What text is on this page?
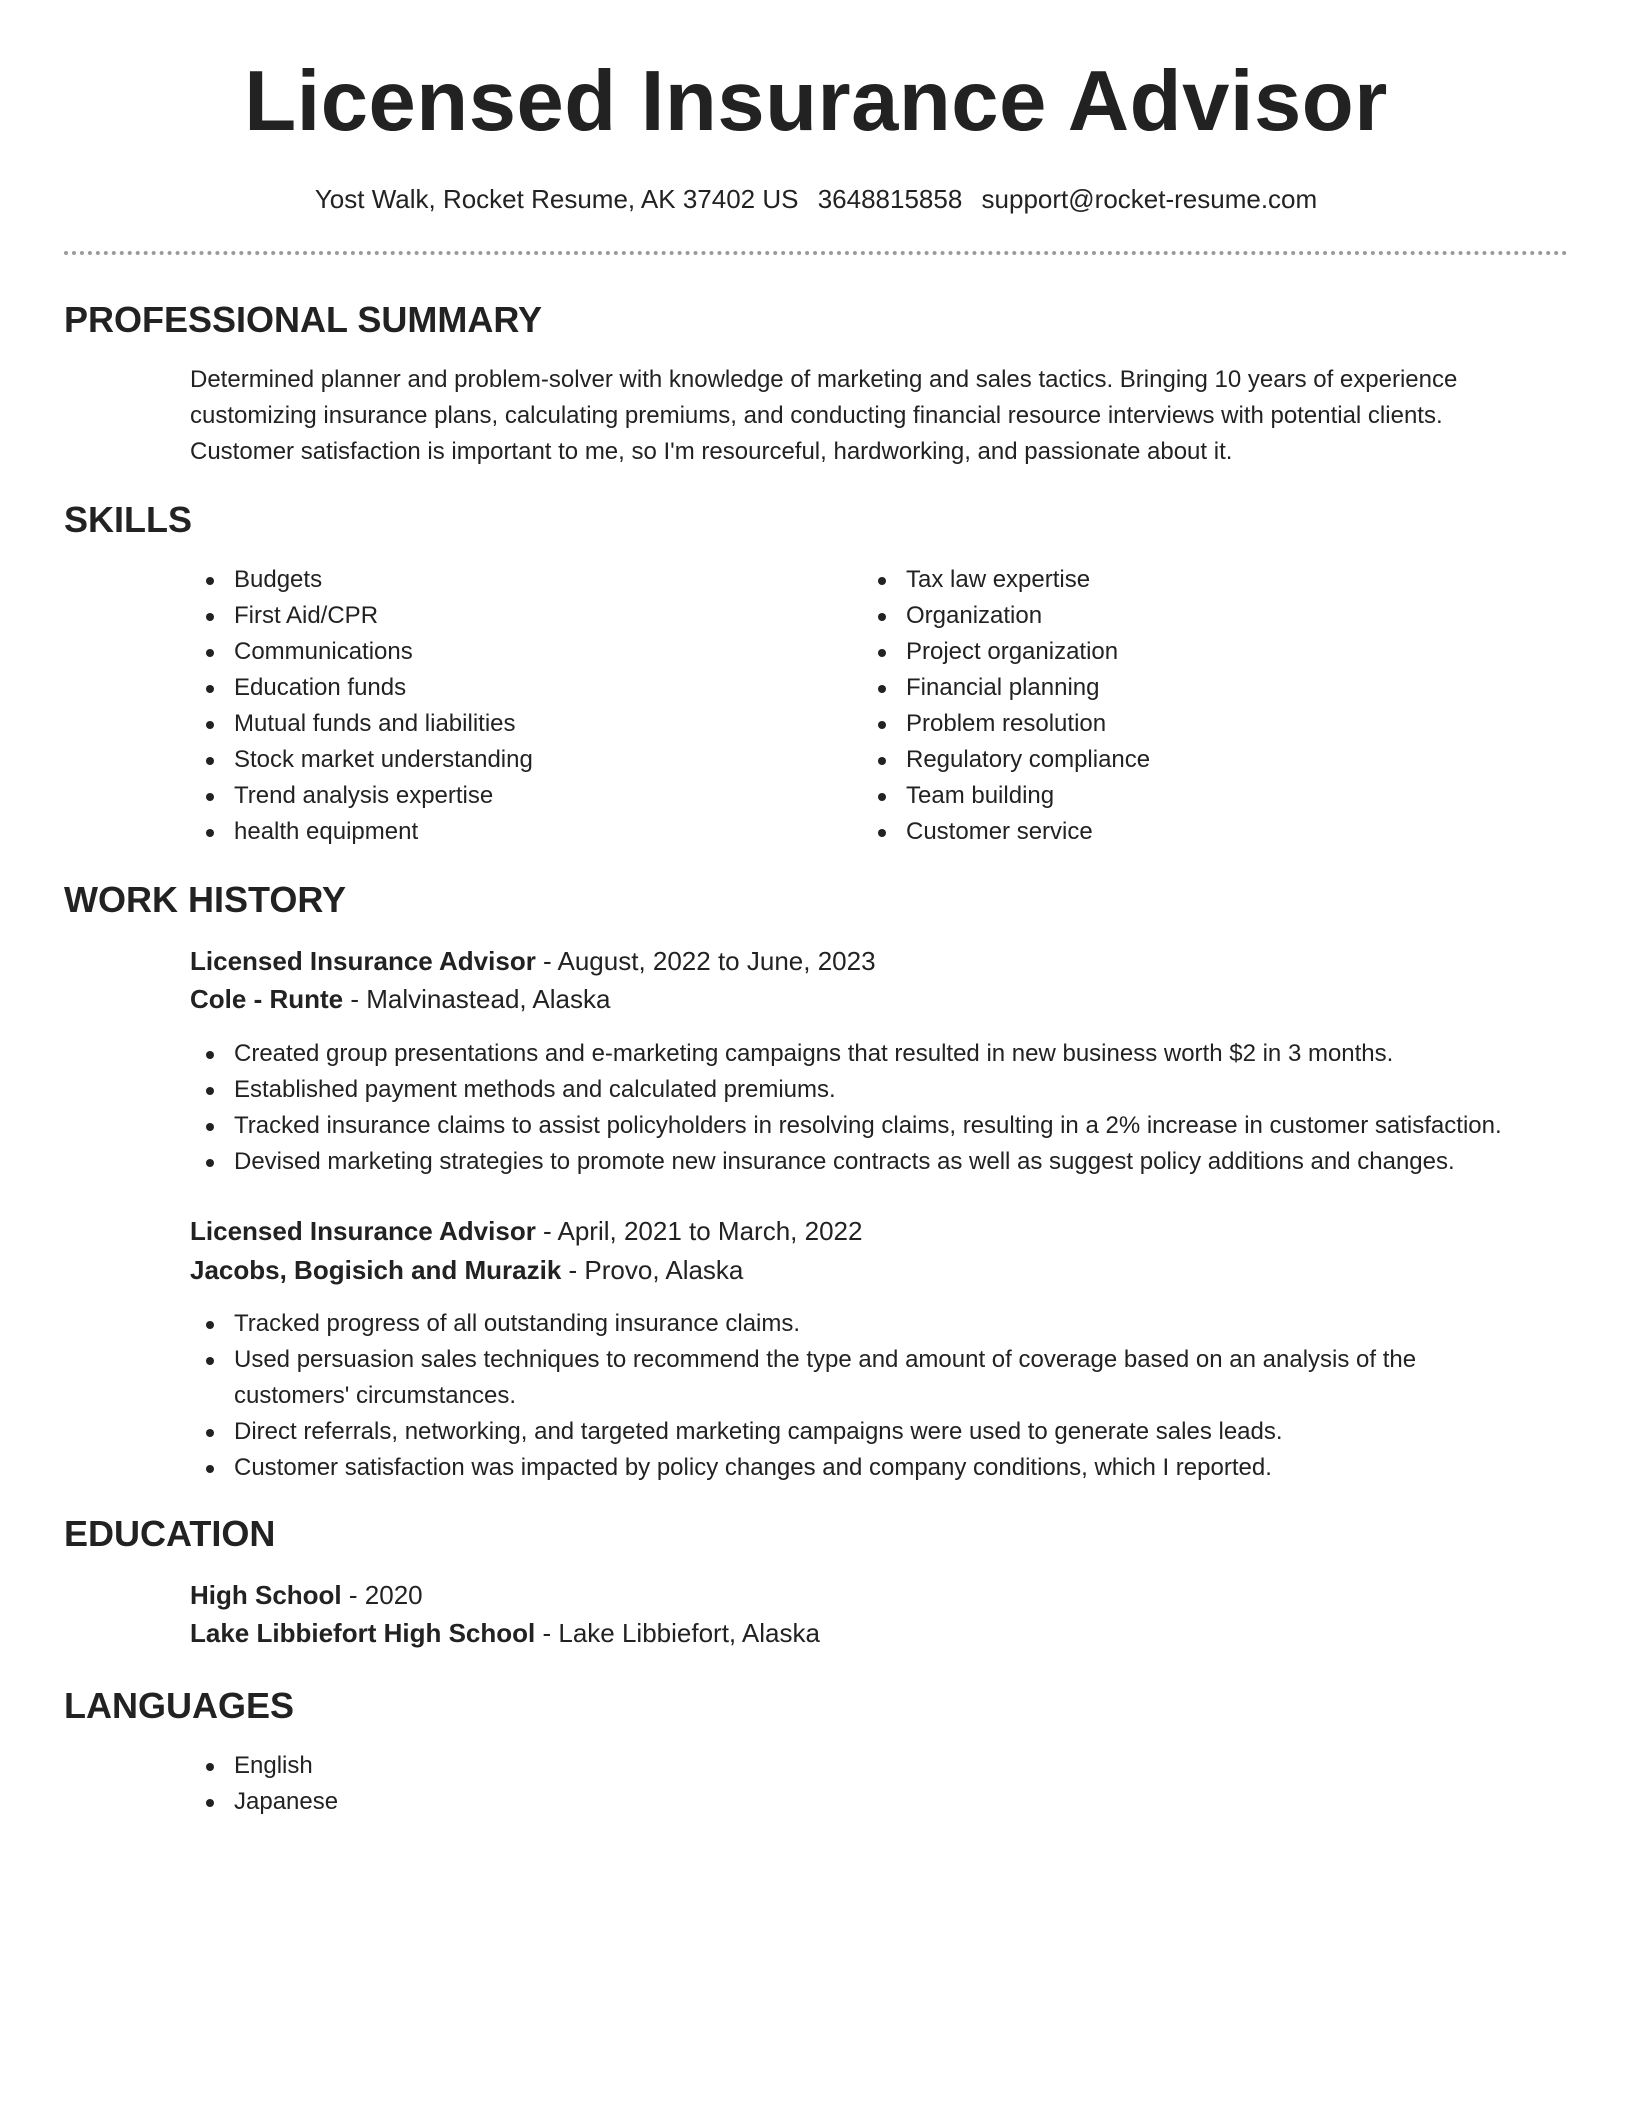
Licensed Insurance Advisor
Yost Walk, Rocket Resume, AK 37402 US 3648815858 support@rocket-resume.com
PROFESSIONAL SUMMARY

Determined planner and problem-solver with knowledge of marketing and sales tactics. Bringing 10 years of experience customizing insurance plans, calculating premiums, and conducting financial resource interviews with potential clients. Customer satisfaction is important to me, so I'm resourceful, hardworking, and passionate about it.

SKILLS
Budgets
First Aid/CPR
Communications
Education funds
Mutual funds and liabilities
Stock market understanding
Trend analysis expertise
health equipment
Tax law expertise
Organization
Project organization
Financial planning
Problem resolution
Regulatory compliance
Team building
Customer service
WORK HISTORY
Licensed Insurance Advisor - August, 2022 to June, 2023
Cole - Runte - Malvinastead, Alaska
Created group presentations and e-marketing campaigns that resulted in new business worth $2 in 3 months.
Established payment methods and calculated premiums.
Tracked insurance claims to assist policyholders in resolving claims, resulting in a 2% increase in customer satisfaction.
Devised marketing strategies to promote new insurance contracts as well as suggest policy additions and changes.
Licensed Insurance Advisor - April, 2021 to March, 2022
Jacobs, Bogisich and Murazik - Provo, Alaska
Tracked progress of all outstanding insurance claims.
Used persuasion sales techniques to recommend the type and amount of coverage based on an analysis of the customers' circumstances.
Direct referrals, networking, and targeted marketing campaigns were used to generate sales leads.
Customer satisfaction was impacted by policy changes and company conditions, which I reported.
EDUCATION
High School - 2020
Lake Libbiefort High School - Lake Libbiefort, Alaska
LANGUAGES
English
Japanese
